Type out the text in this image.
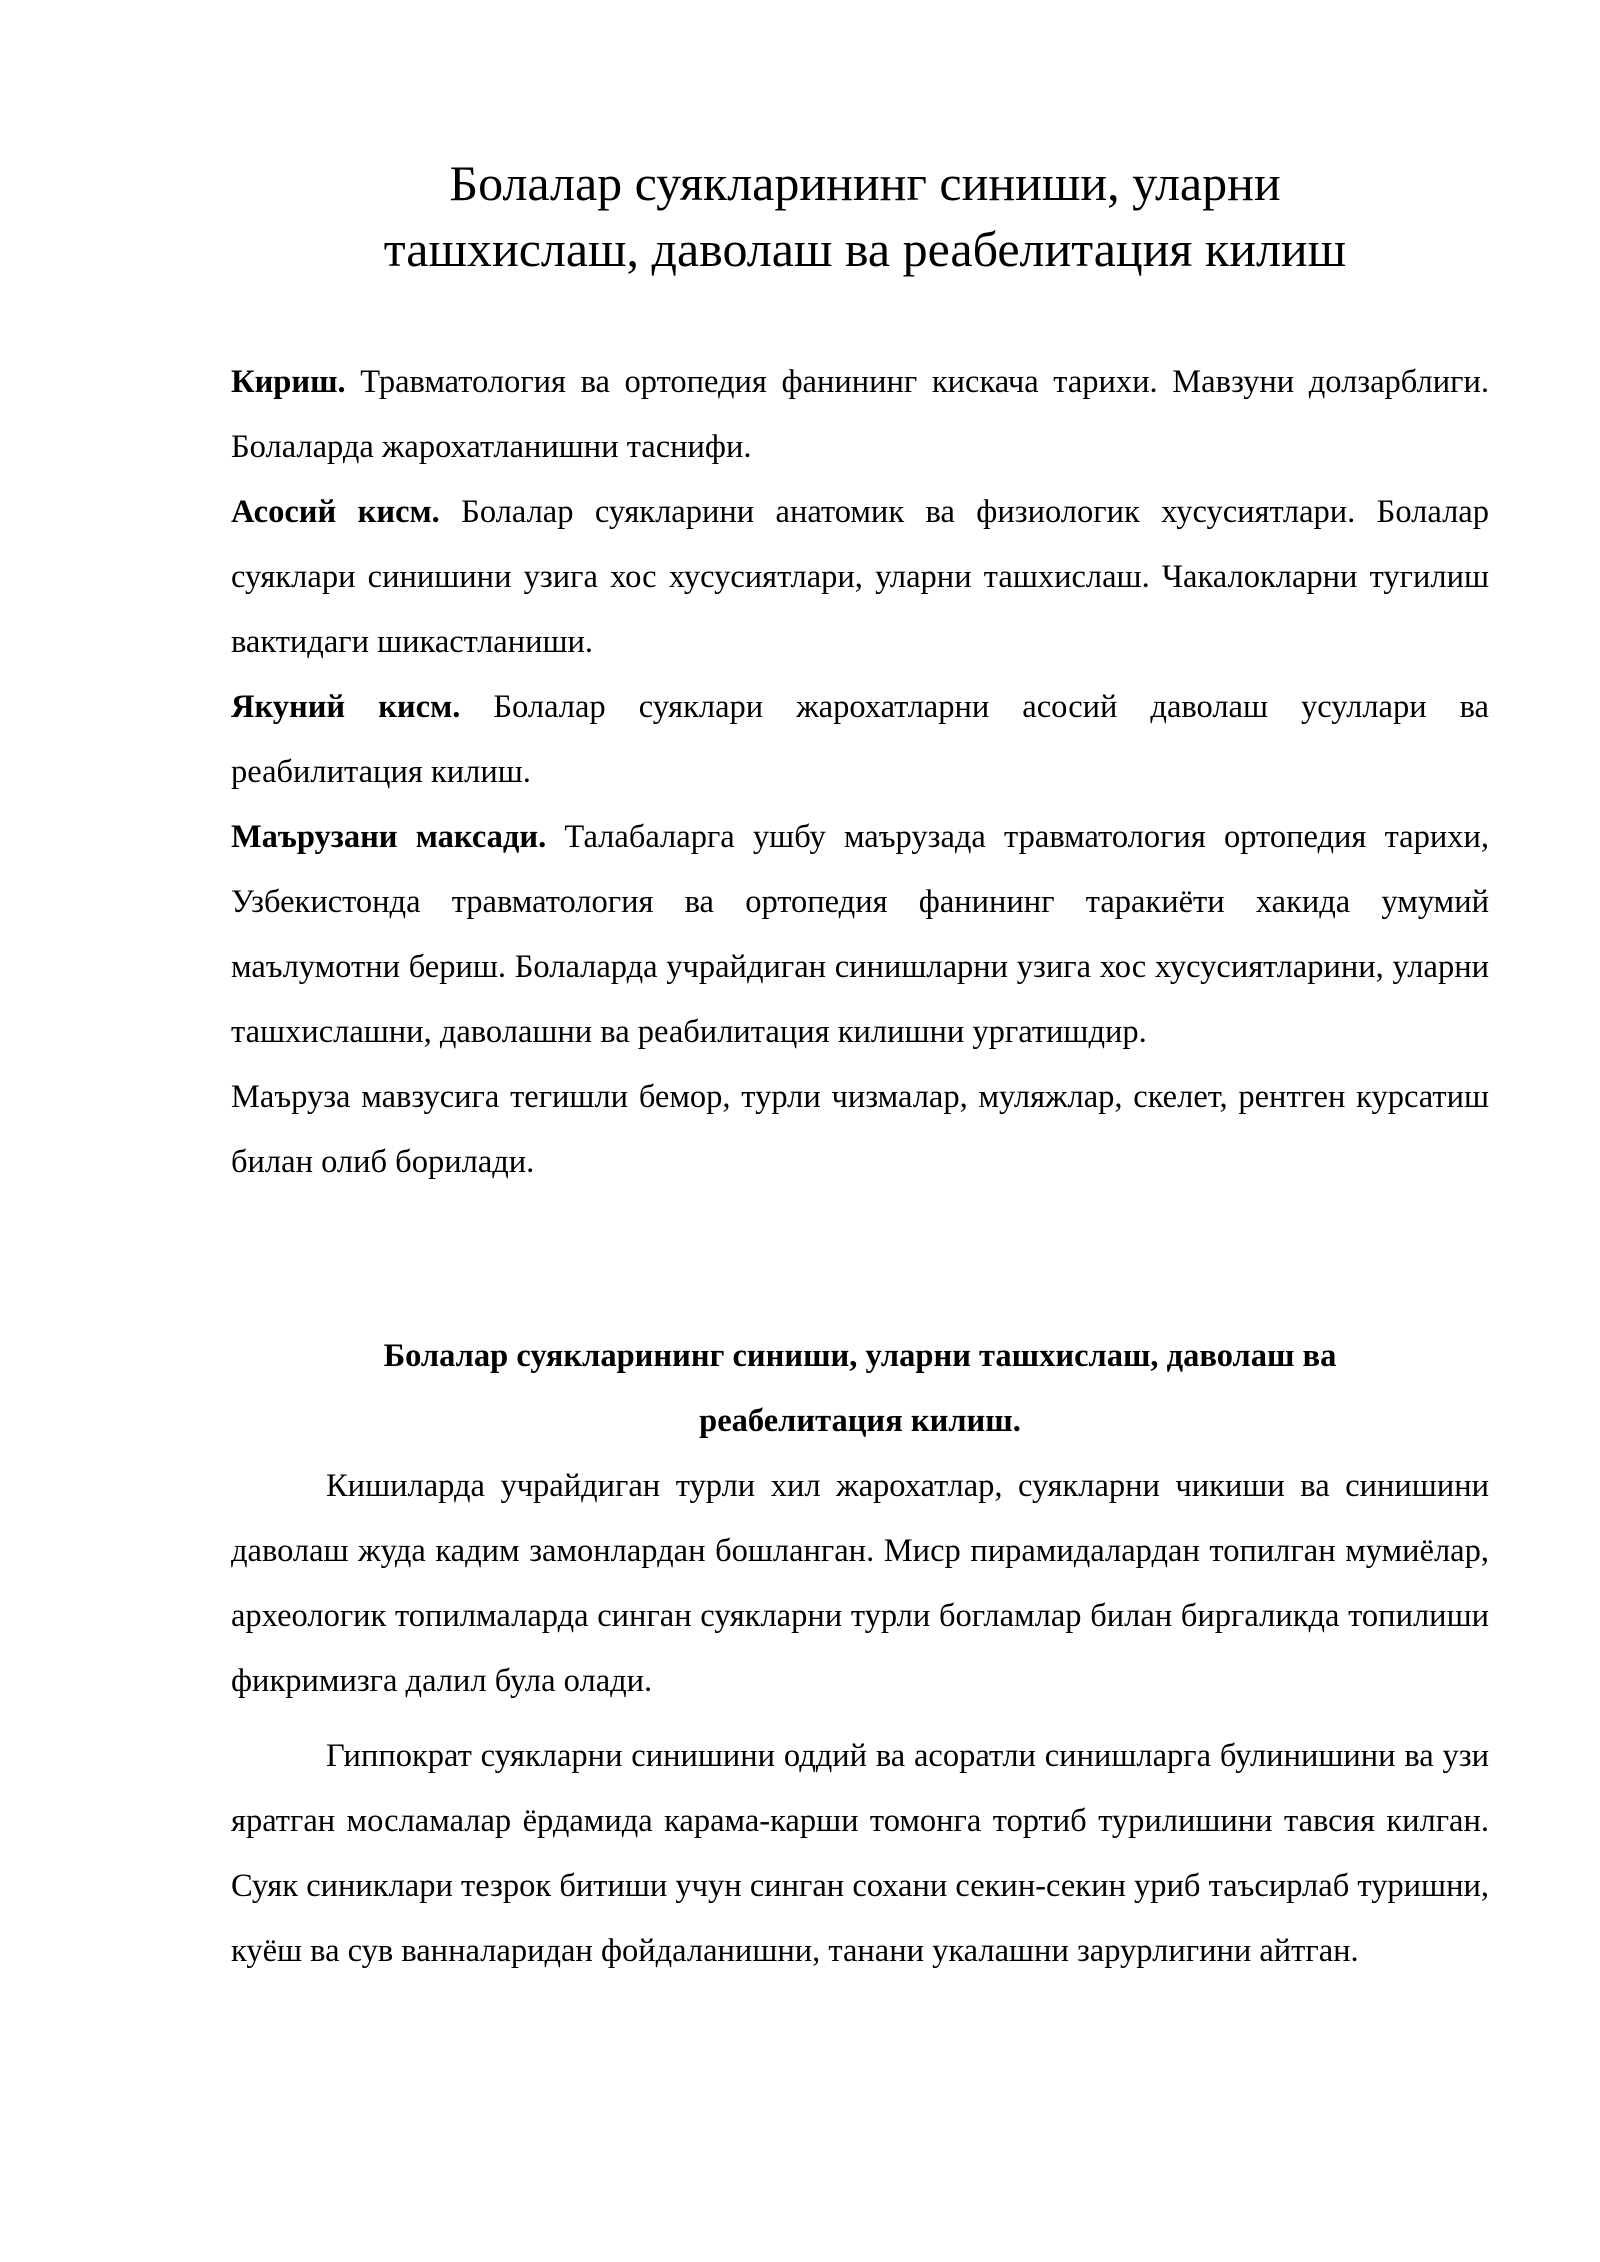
Болалар суякларининг синиши, уларни
ташхислаш, даволаш ва реабелитация килиш

Кириш. Травматология ва ортопедия фанининг кискача тарихи. Мавзуни долзарблиги. Болаларда жарохатланишни таснифи.

Асосий кисм. Болалар суякларини анатомик ва физиологик хусусиятлари. Болалар суяклари синишини узига хос хусусиятлари, уларни ташхислаш. Чакалокларни тугилиш вактидаги шикастланиши.

Якуний кисм. Болалар суяклари жарохатларни асосий даволаш усуллари ва реабилитация килиш.

Маърузани максади. Талабаларга ушбу маърузада травматология ортопедия тарихи, Узбекистонда травматология ва ортопедия фанининг таракиёти хакида умумий маълумотни бериш. Болаларда учрайдиган синишларни узига хос хусусиятларини, уларни ташхислашни, даволашни ва реабилитация килишни ургатишдир.

Маъруза мавзусига тегишли бемор, турли чизмалар, муляжлар, скелет, рентген курсатиш билан олиб борилади.

Болалар суякларининг синиши, уларни ташхислаш, даволаш ва
реабелитация килиш.

Кишиларда учрайдиган турли хил жарохатлар, суякларни чикиши ва синишини даволаш жуда кадим замонлардан бошланган. Миср пирамидалардан топилган мумиёлар, археологик топилмаларда синган суякларни турли богламлар билан биргаликда топилиши фикримизга далил була олади.

Гиппократ суякларни синишини оддий ва асоратли синишларга булинишини ва узи яратган мосламалар ёрдамида карама-карши томонга тортиб турилишини тавсия килган. Суяк синиклари тезрок битиши учун синган сохани секин-секин уриб таъсирлаб туришни, куёш ва сув ванналаридан фойдаланишни, танани укалашни зарурлигини айтган.
